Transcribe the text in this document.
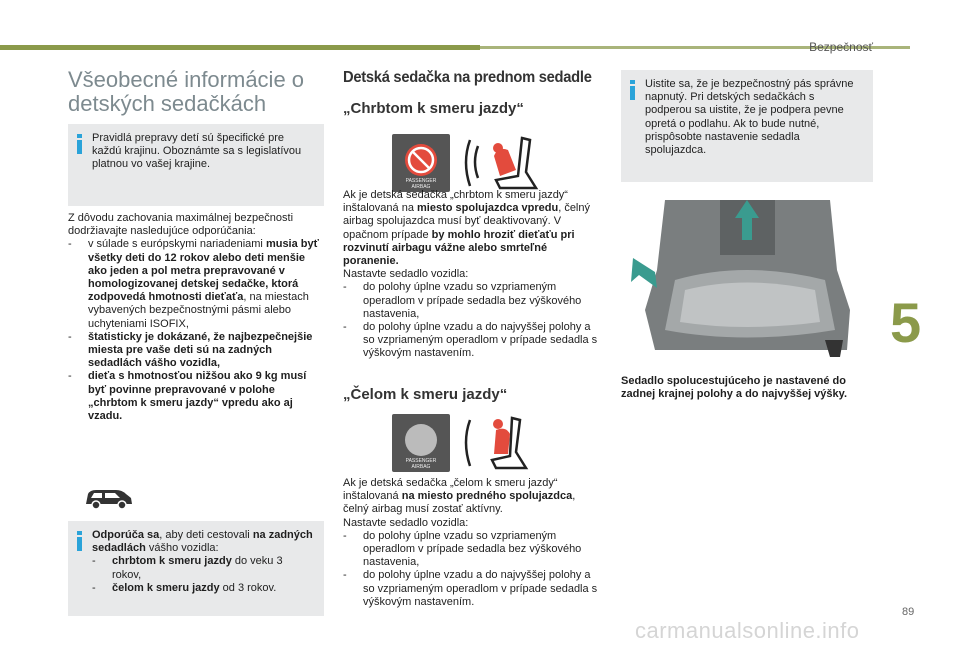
Bezpečnosť
5
Všeobecné informácie o
detských sedačkách

Pravidlá prepravy detí sú špecifické pre každú krajinu. Oboznámte sa s legislatívou platnou vo vašej krajine.

Z dôvodu zachovania maximálnej bezpečnosti dodržiavajte nasledujúce odporúčania:

- v súlade s európskymi nariadeniami musia byť všetky deti do 12 rokov alebo deti menšie ako jeden a pol metra prepravované v homologizovanej detskej sedačke, ktorá zodpovedá hmotnosti dieťaťa, na miestach vybavených bezpečnostnými pásmi alebo uchyteniami ISOFIX,
- štatisticky je dokázané, že najbezpečnejšie miesta pre vaše deti sú na zadných sedadlách vášho vozidla,
- dieťa s hmotnosťou nižšou ako 9 kg musí byť povinne prepravované v polohe „chrbtom k smeru jazdy“ vpredu ako aj vzadu.

Odporúča sa, aby deti cestovali na zadných sedadlách vášho vozidla:

- chrbtom k smeru jazdy do veku 3 rokov,
- čelom k smeru jazdy od 3 rokov.
Detská sedačka na prednom sedadle
„Chrbtom k smeru jazdy“
PASSENGER AIRBAG

Ak je detská sedačka „chrbtom k smeru jazdy“ inštalovaná na miesto spolujazdca vpredu, čelný airbag spolujazdca musí byť deaktivovaný. V opačnom prípade by mohlo hroziť dieťaťu pri rozvinutí airbagu vážne alebo smrteľné poranenie.

Nastavte sedadlo vozidla:

- do polohy úplne vzadu so vzpriameným operadlom v prípade sedadla bez výškového nastavenia,
- do polohy úplne vzadu a do najvyššej polohy a so vzpriameným operadlom v prípade sedadla s výškovým nastavením.
„Čelom k smeru jazdy“
PASSENGER AIRBAG

Ak je detská sedačka „čelom k smeru jazdy“ inštalovaná na miesto predného spolujazdca, čelný airbag musí zostať aktívny.

Nastavte sedadlo vozidla:

- do polohy úplne vzadu so vzpriameným operadlom v prípade sedadla bez výškového nastavenia,
- do polohy úplne vzadu a do najvyššej polohy a so vzpriameným operadlom v prípade sedadla s výškovým nastavením.

Uistite sa, že je bezpečnostný pás správne napnutý. Pri detských sedačkách s podperou sa uistite, že je podpera pevne opretá o podlahu. Ak to bude nutné, prispôsobte nastavenie sedadla spolujazdca.

Sedadlo spolucestujúceho je nastavené do zadnej krajnej polohy a do najvyššej výšky.
89
carmanualsonline.info
